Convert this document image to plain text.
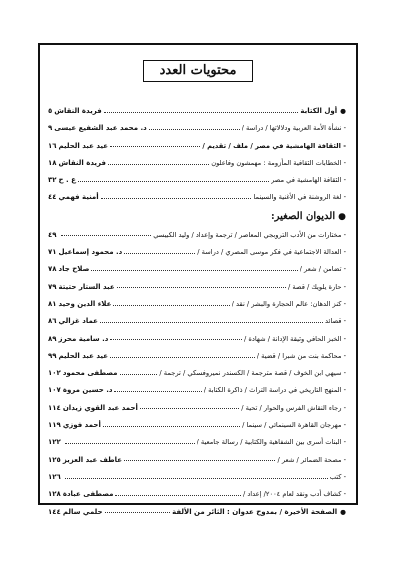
محتويات العدد
●
أول الكتابة
فريدة النقاش
٥
- نشأة الأمة العربية ودلالاتها / دراسة /
د. محمد عبد الشفيع عيسى
٩
- الثقافة الهامشية في مصر / ملف / تقديم /
عيد عبد الحليم
١٦
- الخطابات الثقافية المأزومة : مهمشون وفاعلون
فريدة النقاش
١٨
- الثقافة الهامشية في مصر
ع . ح
٣٢
- لغة الروشنة في الأغنية والسينما
أمنية فهمي
٤٤
●
الديوان الصغير:
- مختارات من الأدب التروبجي المعاصر / ترجمة وإعداد / وليد الكبيسي
٤٩
- العدالة الاجتماعية في فكر موسى المصري / دراسة /
د. محمود إسماعيل
٧١
- تضامن / شعر /
صلاح جاد
٧٨
- حارة يلويك / قصة /
عبد الستار حتيتة
٧٩
- كنز الدهان: عالم الحجارة والبشر / نقد /
علاء الدين وحيد
٨١
- قصائد
عماد غزالي
٨٦
- الخبز الحافي وثيقة الإدانة / شهادة /
د. سامية محرز
٨٩
- محاكمة بنت من شبرا / قضية /
عيد عبد الحليم
٩٩
- سيهي ابن الخوف / قصة مترجمة / الكسندر نميروفسكي / ترجمة /
مصطفى محمود
١٠٢
- المنهج التاريخي في دراسة التراث / ذاكرة الكتابة /
د. حسين مروة
١٠٧
- رجاء النقاش الفرس والحوار / تحية /
أحمد عبد القوي زيدان
١١٤
- مهرجان القاهرة السينمائي / سينما /
أحمد فوزي
١١٩
- البنات أسرى بين الشفاهية والكتابية / رسالة جامعية /
١٢٢
- مصحة الضمائر / شعر /
عاطف عبد العزيز
١٢٥
- كتب
١٢٦
- كشاف أدب ونقد لعام ٢٠٠٤/ إعداد /
مصطفى عبادة
١٢٨
●
الصفحة الأخيرة / بمدوح عدوان : الثائر من الألفة
حلمي سالم
١٤٤
